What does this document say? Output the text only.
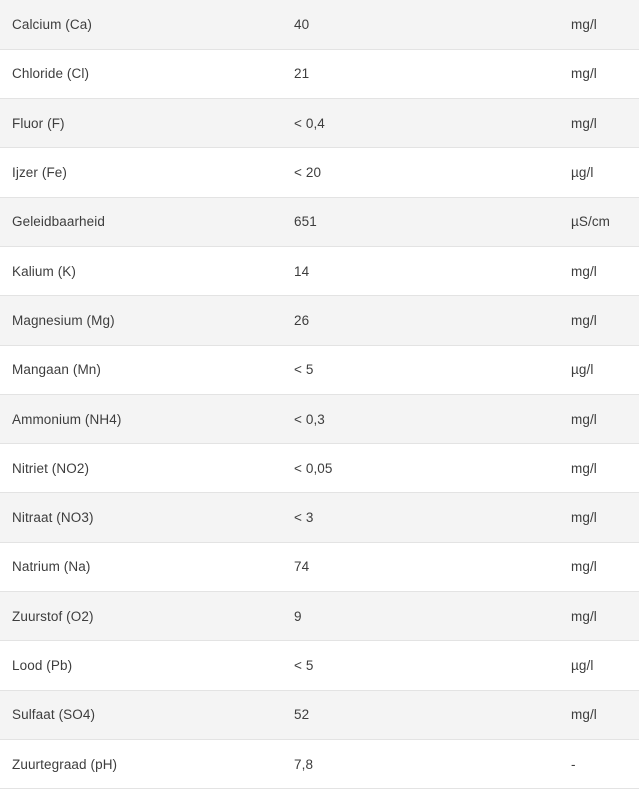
Calcium (Ca)	40	mg/l
Chloride (Cl)	21	mg/l
Fluor (F)	< 0,4	mg/l
Ijzer (Fe)	< 20	µg/l
Geleidbaarheid	651	µS/cm
Kalium (K)	14	mg/l
Magnesium (Mg)	26	mg/l
Mangaan (Mn)	< 5	µg/l
Ammonium (NH4)	< 0,3	mg/l
Nitriet (NO2)	< 0,05	mg/l
Nitraat (NO3)	< 3	mg/l
Natrium (Na)	74	mg/l
Zuurstof (O2)	9	mg/l
Lood (Pb)	< 5	µg/l
Sulfaat (SO4)	52	mg/l
Zuurtegraad (pH)	7,8	-
